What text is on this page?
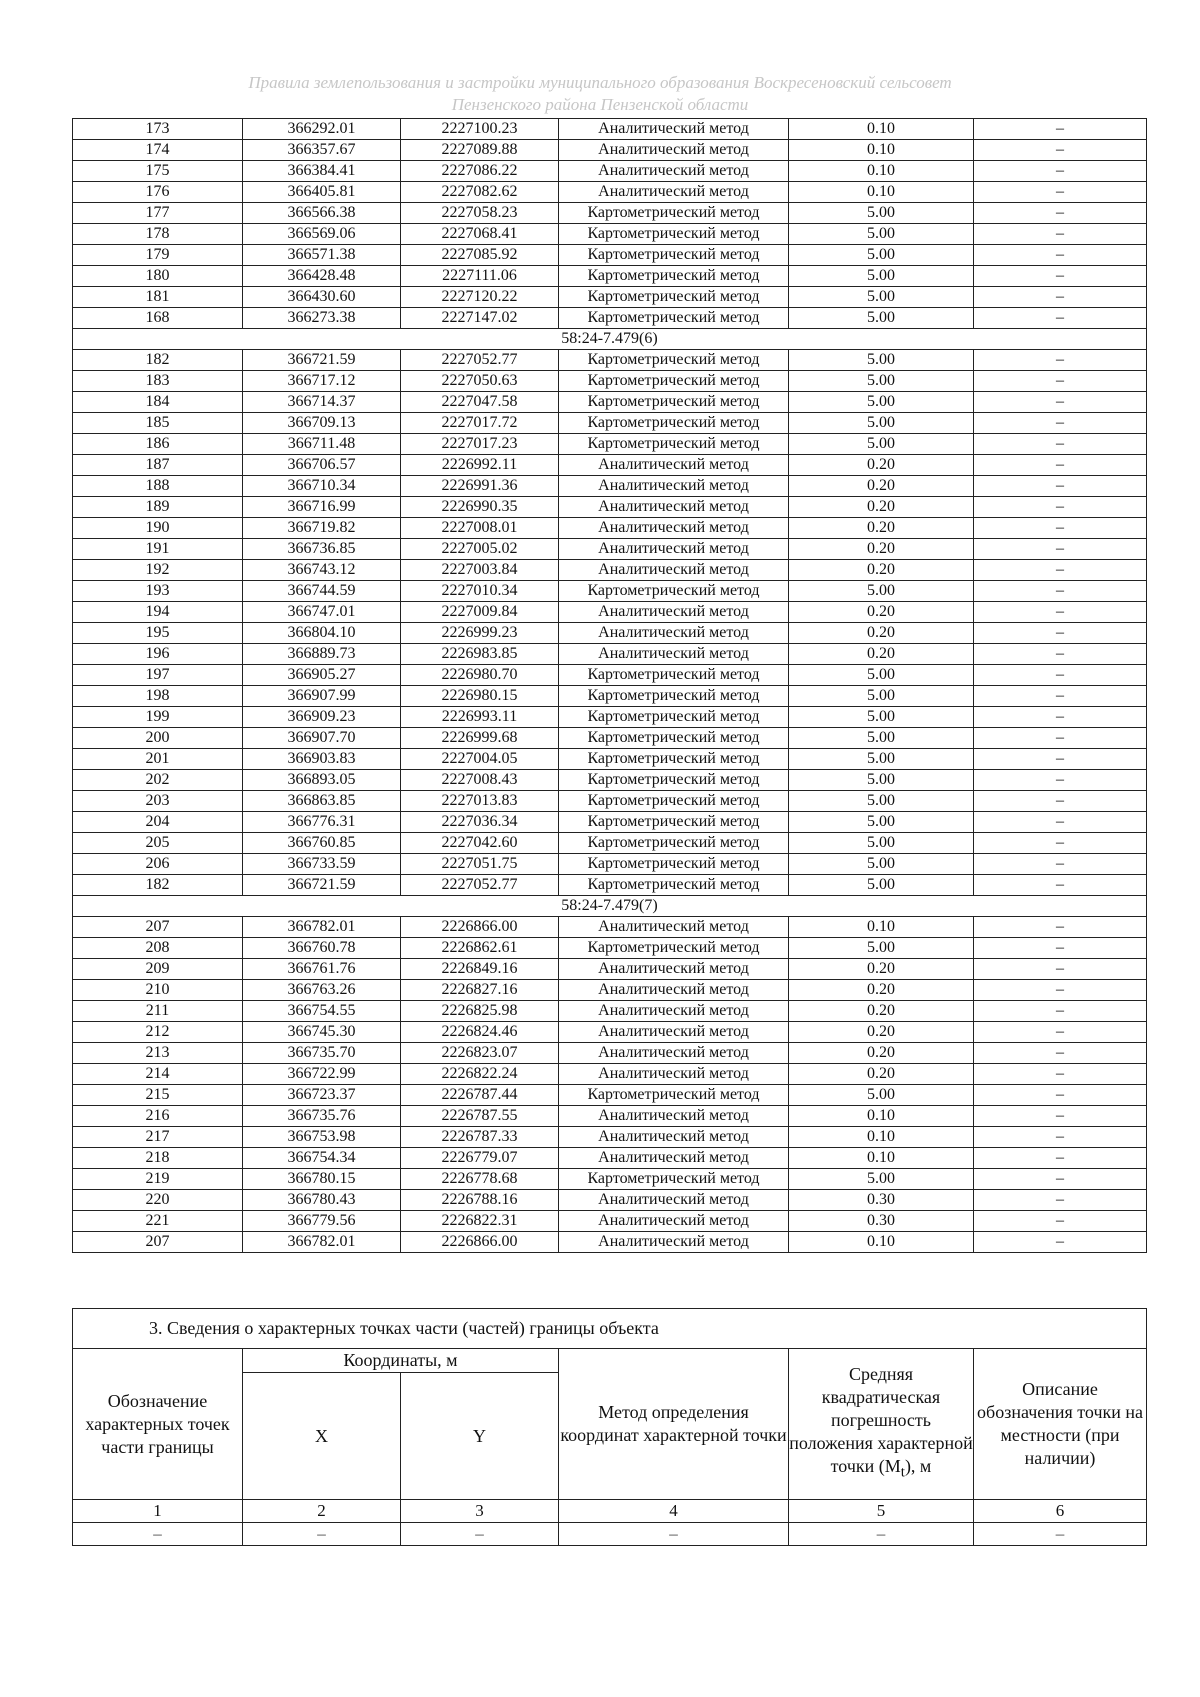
Правила землепользования и застройки муниципального образования Воскресеновский сельсовет
Пензенского района Пензенской области
173	366292.01	2227100.23	Аналитический метод	0.10	–
174	366357.67	2227089.88	Аналитический метод	0.10	–
175	366384.41	2227086.22	Аналитический метод	0.10	–
176	366405.81	2227082.62	Аналитический метод	0.10	–
177	366566.38	2227058.23	Картометрический метод	5.00	–
178	366569.06	2227068.41	Картометрический метод	5.00	–
179	366571.38	2227085.92	Картометрический метод	5.00	–
180	366428.48	2227111.06	Картометрический метод	5.00	–
181	366430.60	2227120.22	Картометрический метод	5.00	–
168	366273.38	2227147.02	Картометрический метод	5.00	–
58:24-7.479(6)					
182	366721.59	2227052.77	Картометрический метод	5.00	–
183	366717.12	2227050.63	Картометрический метод	5.00	–
184	366714.37	2227047.58	Картометрический метод	5.00	–
185	366709.13	2227017.72	Картометрический метод	5.00	–
186	366711.48	2227017.23	Картометрический метод	5.00	–
187	366706.57	2226992.11	Аналитический метод	0.20	–
188	366710.34	2226991.36	Аналитический метод	0.20	–
189	366716.99	2226990.35	Аналитический метод	0.20	–
190	366719.82	2227008.01	Аналитический метод	0.20	–
191	366736.85	2227005.02	Аналитический метод	0.20	–
192	366743.12	2227003.84	Аналитический метод	0.20	–
193	366744.59	2227010.34	Картометрический метод	5.00	–
194	366747.01	2227009.84	Аналитический метод	0.20	–
195	366804.10	2226999.23	Аналитический метод	0.20	–
196	366889.73	2226983.85	Аналитический метод	0.20	–
197	366905.27	2226980.70	Картометрический метод	5.00	–
198	366907.99	2226980.15	Картометрический метод	5.00	–
199	366909.23	2226993.11	Картометрический метод	5.00	–
200	366907.70	2226999.68	Картометрический метод	5.00	–
201	366903.83	2227004.05	Картометрический метод	5.00	–
202	366893.05	2227008.43	Картометрический метод	5.00	–
203	366863.85	2227013.83	Картометрический метод	5.00	–
204	366776.31	2227036.34	Картометрический метод	5.00	–
205	366760.85	2227042.60	Картометрический метод	5.00	–
206	366733.59	2227051.75	Картометрический метод	5.00	–
182	366721.59	2227052.77	Картометрический метод	5.00	–
58:24-7.479(7)					
207	366782.01	2226866.00	Аналитический метод	0.10	–
208	366760.78	2226862.61	Картометрический метод	5.00	–
209	366761.76	2226849.16	Аналитический метод	0.20	–
210	366763.26	2226827.16	Аналитический метод	0.20	–
211	366754.55	2226825.98	Аналитический метод	0.20	–
212	366745.30	2226824.46	Аналитический метод	0.20	–
213	366735.70	2226823.07	Аналитический метод	0.20	–
214	366722.99	2226822.24	Аналитический метод	0.20	–
215	366723.37	2226787.44	Картометрический метод	5.00	–
216	366735.76	2226787.55	Аналитический метод	0.10	–
217	366753.98	2226787.33	Аналитический метод	0.10	–
218	366754.34	2226779.07	Аналитический метод	0.10	–
219	366780.15	2226778.68	Картометрический метод	5.00	–
220	366780.43	2226788.16	Аналитический метод	0.30	–
221	366779.56	2226822.31	Аналитический метод	0.30	–
207	366782.01	2226866.00	Аналитический метод	0.10	–
3. Сведения о характерных точках части (частей) границы объекта					
Обозначение характерных точек части границы	Координаты, м		Метод определения координат характерной точки	Средняя квадратическая погрешность положения характерной точки $(M_t)$, м	Описание обозначения точки на местности (при наличии)
	X	Y			
1	2	3	4	5	6
–	–	–	–	–	–
